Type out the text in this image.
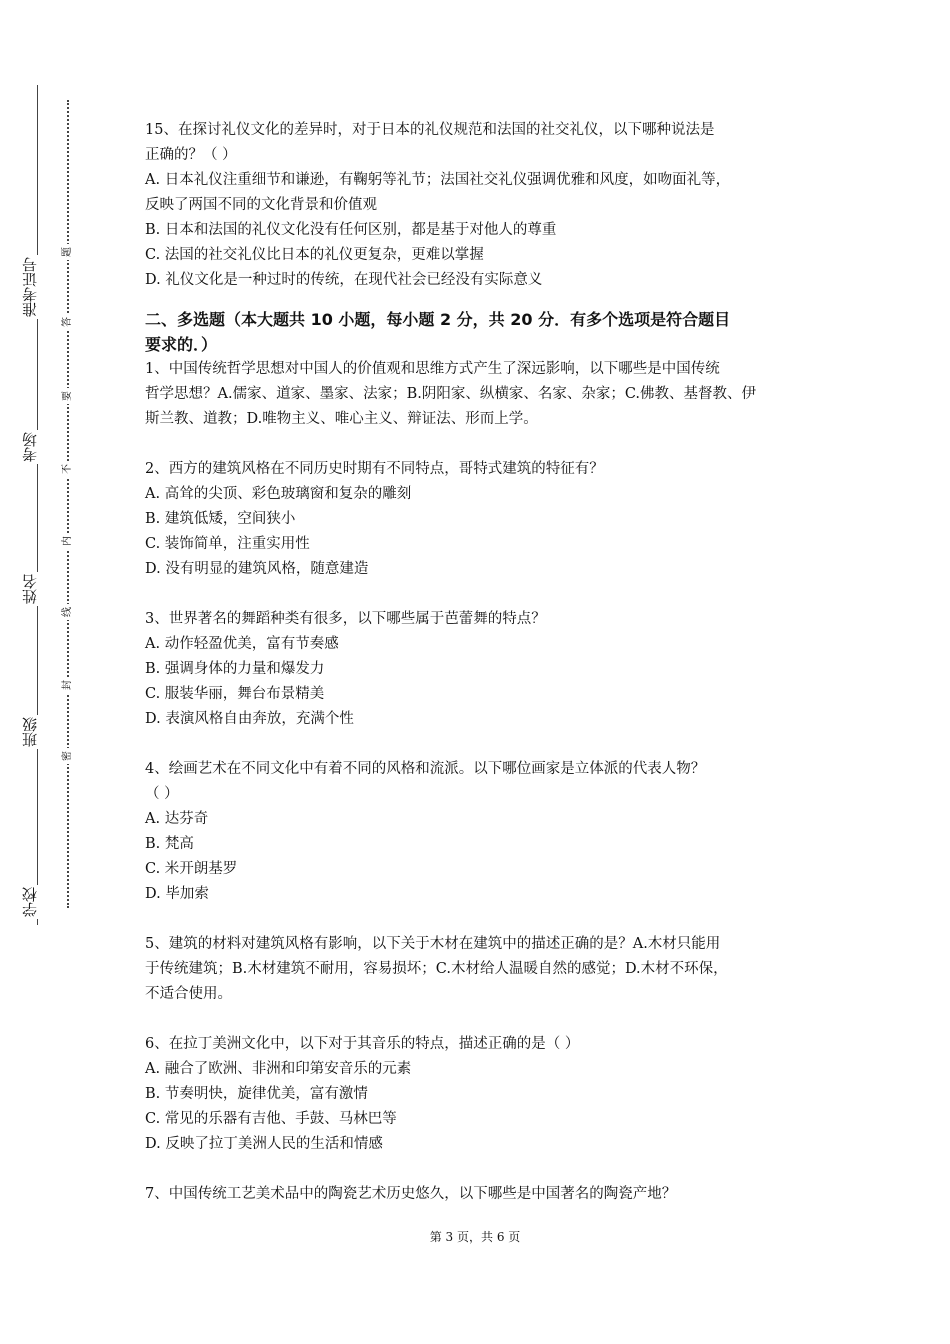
准考证号
考场
姓名
班级
学校
题
答
要
不
内
线
封
密
15、在探讨礼仪文化的差异时，对于日本的礼仪规范和法国的社交礼仪，以下哪种说法是
正确的？（ ）
A. 日本礼仪注重细节和谦逊，有鞠躬等礼节；法国社交礼仪强调优雅和风度，如吻面礼等，
反映了两国不同的文化背景和价值观
B. 日本和法国的礼仪文化没有任何区别，都是基于对他人的尊重
C. 法国的社交礼仪比日本的礼仪更复杂，更难以掌握
D. 礼仪文化是一种过时的传统，在现代社会已经没有实际意义
二、多选题（本大题共 10 小题，每小题 2 分，共 20 分．有多个选项是符合题目
要求的．）
1、中国传统哲学思想对中国人的价值观和思维方式产生了深远影响，以下哪些是中国传统
哲学思想？A.儒家、道家、墨家、法家；B.阴阳家、纵横家、名家、杂家；C.佛教、基督教、伊
斯兰教、道教；D.唯物主义、唯心主义、辩证法、形而上学。
2、西方的建筑风格在不同历史时期有不同特点，哥特式建筑的特征有？
A. 高耸的尖顶、彩色玻璃窗和复杂的雕刻
B. 建筑低矮，空间狭小
C. 装饰简单，注重实用性
D. 没有明显的建筑风格，随意建造
3、世界著名的舞蹈种类有很多，以下哪些属于芭蕾舞的特点？
A. 动作轻盈优美，富有节奏感
B. 强调身体的力量和爆发力
C. 服装华丽，舞台布景精美
D. 表演风格自由奔放，充满个性
4、绘画艺术在不同文化中有着不同的风格和流派。以下哪位画家是立体派的代表人物？
（ ）
A. 达芬奇
B. 梵高
C. 米开朗基罗
D. 毕加索
5、建筑的材料对建筑风格有影响，以下关于木材在建筑中的描述正确的是？A.木材只能用
于传统建筑；B.木材建筑不耐用，容易损坏；C.木材给人温暖自然的感觉；D.木材不环保，
不适合使用。
6、在拉丁美洲文化中，以下对于其音乐的特点，描述正确的是（ ）
A. 融合了欧洲、非洲和印第安音乐的元素
B. 节奏明快，旋律优美，富有激情
C. 常见的乐器有吉他、手鼓、马林巴等
D. 反映了拉丁美洲人民的生活和情感
7、中国传统工艺美术品中的陶瓷艺术历史悠久，以下哪些是中国著名的陶瓷产地？
第 3 页，共 6 页
